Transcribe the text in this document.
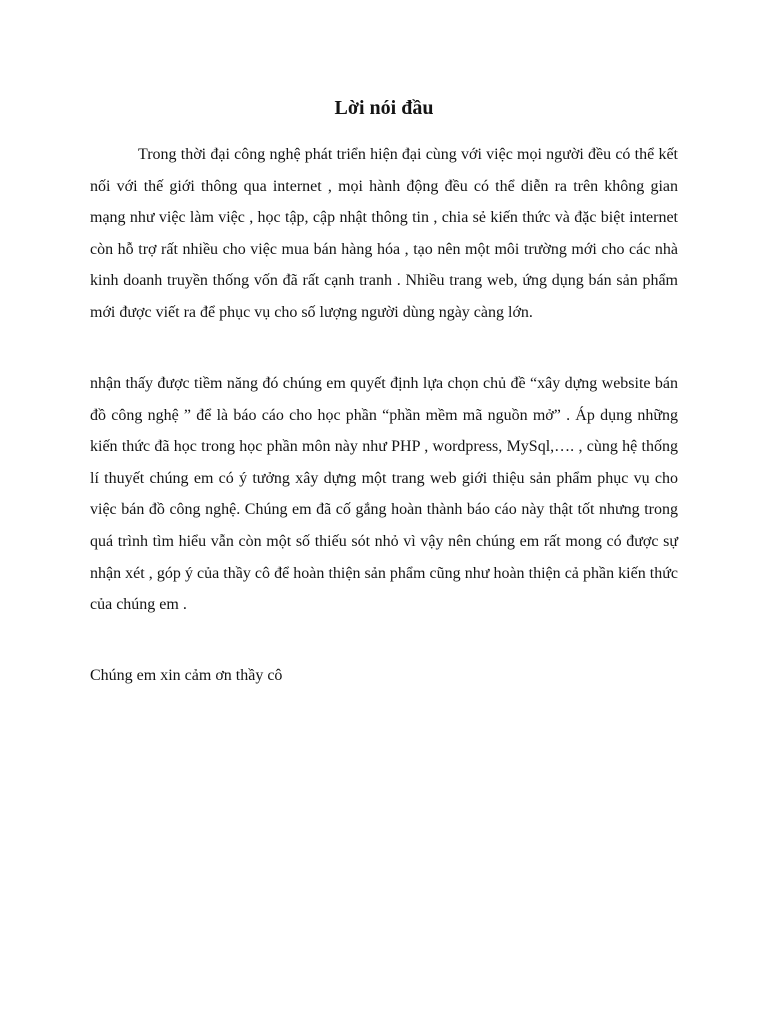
Lời nói đầu

Trong thời đại công nghệ phát triển hiện đại cùng với việc mọi người đều có thể kết nối với thế giới thông qua internet , mọi hành động đều có thể diễn ra trên không gian mạng như việc làm việc , học tập, cập nhật thông tin , chia sẻ kiến thức và đặc biệt internet còn hỗ trợ rất nhiều cho việc mua bán hàng hóa , tạo nên một môi trường mới cho các nhà kinh doanh truyền thống vốn đã rất cạnh tranh . Nhiều trang web, ứng dụng bán sản phẩm mới được viết ra để phục vụ cho số lượng người dùng ngày càng lớn.

nhận thấy được tiềm năng đó chúng em quyết định lựa chọn chủ đề “xây dựng website bán đồ công nghệ ” để là báo cáo cho học phần “phần mềm mã nguồn mở” . Áp dụng những kiến thức đã học trong học phần môn này như PHP , wordpress, MySql,…. , cùng hệ thống lí thuyết chúng em có ý tưởng xây dựng một trang web giới thiệu sản phẩm phục vụ cho việc bán đồ công nghệ. Chúng em đã cố gắng hoàn thành báo cáo này thật tốt nhưng trong quá trình tìm hiểu vẫn còn một số thiếu sót nhỏ vì vậy nên chúng em rất mong có được sự nhận xét , góp ý của thầy cô để hoàn thiện sản phẩm cũng như hoàn thiện cả phần kiến thức của chúng em .

Chúng em xin cảm ơn thầy cô
